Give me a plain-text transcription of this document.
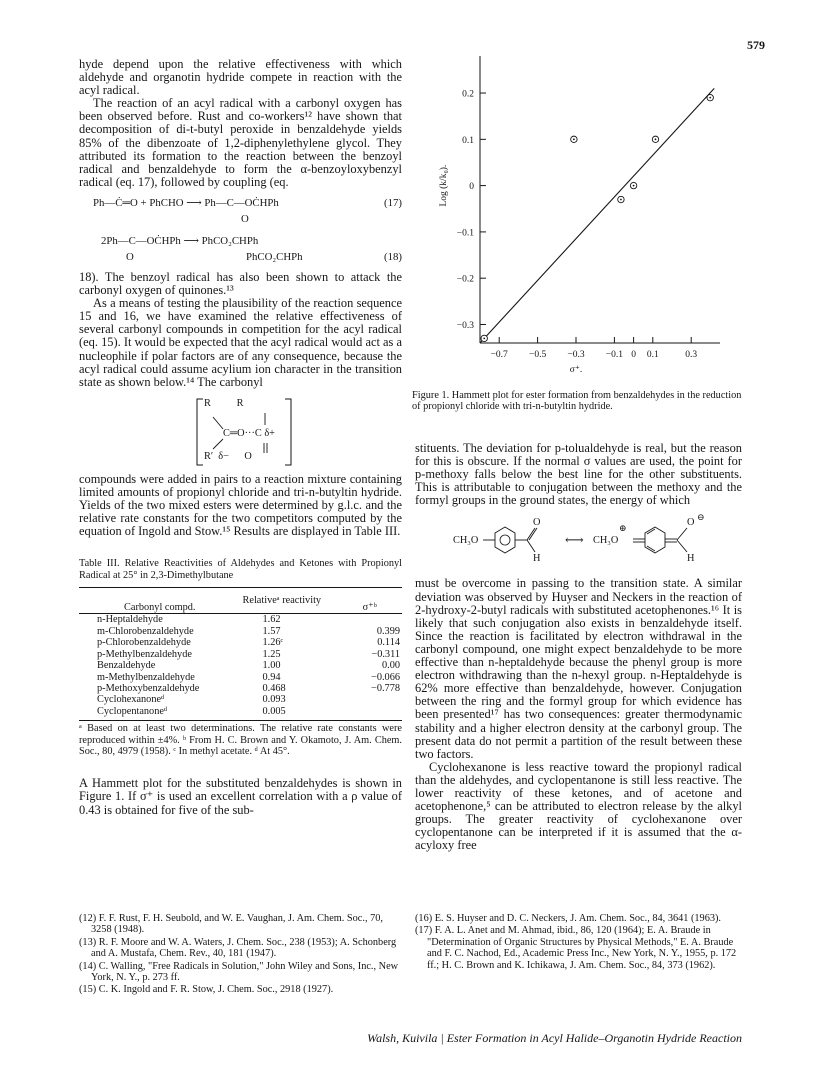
579

hyde depend upon the relative effectiveness with which aldehyde and organotin hydride compete in reaction with the acyl radical.

The reaction of an acyl radical with a carbonyl oxygen has been observed before. Rust and co-workers¹² have shown that decomposition of di-t-butyl peroxide in benzaldehyde yields 85% of the dibenzoate of 1,2-diphenylethylene glycol. They attributed its formation to the reaction between the benzoyl radical and benzaldehyde to form the α-benzoyloxybenzyl radical (eq. 17), followed by coupling (eq.

Ph—Ċ═O + PhCHO ⟶ Ph—C—OĊHPh	(17)
O
2Ph—C—OĊHPh ⟶ PhCO₂CHPh
O	PhCO₂CHPh	(18)

18). The benzoyl radical has also been shown to attack the carbonyl oxygen of quinones.¹³

As a means of testing the plausibility of the reaction sequence 15 and 16, we have examined the relative effectiveness of several carbonyl compounds in competition for the acyl radical (eq. 15). It would be expected that the acyl radical would act as a nucleophile if polar factors are of any consequence, because the acyl radical could assume acylium ion character in the transition state as shown below.¹⁴ The carbonyl

R          R
C═O···C δ+
R′  δ−      O

compounds were added in pairs to a reaction mixture containing limited amounts of propionyl chloride and tri-n-butyltin hydride. Yields of the two mixed esters were determined by g.l.c. and the relative rate constants for the two competitors computed by the equation of Ingold and Stow.¹⁵ Results are displayed in Table III.

Table III. Relative Reactivities of Aldehydes and Ketones with Propionyl Radical at 25° in 2,3-Dimethylbutane
Carbonyl compd.	Relativeᵃ reactivity	σ⁺ᵇ
n-Heptaldehyde	1.62	
m-Chlorobenzaldehyde	1.57	0.399
p-Chlorobenzaldehyde	1.26ᶜ	0.114
p-Methylbenzaldehyde	1.25	−0.311
Benzaldehyde	1.00	0.00
m-Methylbenzaldehyde	0.94	−0.066
p-Methoxybenzaldehyde	0.468	−0.778
Cyclohexanoneᵈ	0.093	
Cyclopentanoneᵈ	0.005	
ᵃ Based on at least two determinations. The relative rate constants were reproduced within ±4%. ᵇ From H. C. Brown and Y. Okamoto, J. Am. Chem. Soc., 80, 4979 (1958). ᶜ In methyl acetate. ᵈ At 45°.

A Hammett plot for the substituted benzaldehydes is shown in Figure 1. If σ⁺ is used an excellent correlation with a ρ value of 0.43 is obtained for five of the sub-

0.2
0.1
0
−0.1
−0.2
−0.3
−0.7 −0.5 −0.3 −0.1 0 0.1	0.3
σ⁺.
Log (k/k₀).
Figure 1. Hammett plot for ester formation from benzaldehydes in the reduction of propionyl chloride with tri-n-butyltin hydride.

stituents. The deviation for p-tolualdehyde is real, but the reason for this is obscure. If the normal σ values are used, the point for p-methoxy falls below the best line for the other substituents. This is attributable to conjugation between the methoxy and the formyl groups in the ground states, the energy of which

CH₃O
O
H
⟷ CH₃O
⊕	O ⊖
H

must be overcome in passing to the transition state. A similar deviation was observed by Huyser and Neckers in the reaction of 2-hydroxy-2-butyl radicals with substituted acetophenones.¹⁶ It is likely that such conjugation also exists in benzaldehyde itself. Since the reaction is facilitated by electron withdrawal in the carbonyl compound, one might expect benzaldehyde to be more effective than n-heptaldehyde because the phenyl group is more electron withdrawing than the n-hexyl group. n-Heptaldehyde is 62% more effective than benzaldehyde, however. Conjugation between the ring and the formyl group for which evidence has been presented¹⁷ has two consequences: greater thermodynamic stability and a higher electron density at the carbonyl group. The present data do not permit a partition of the result between these two factors.

Cyclohexanone is less reactive toward the propionyl radical than the aldehydes, and cyclopentanone is still less reactive. The lower reactivity of these ketones, and of acetone and acetophenone,⁵ can be attributed to electron release by the alkyl groups. The greater reactivity of cyclohexanone over cyclopentanone can be interpreted if it is assumed that the α-acyloxy free

(12) F. F. Rust, F. H. Seubold, and W. E. Vaughan, J. Am. Chem. Soc., 70, 3258 (1948).

(13) R. F. Moore and W. A. Waters, J. Chem. Soc., 238 (1953); A. Schonberg and A. Mustafa, Chem. Rev., 40, 181 (1947).

(14) C. Walling, "Free Radicals in Solution," John Wiley and Sons, Inc., New York, N. Y., p. 273 ff.

(15) C. K. Ingold and F. R. Stow, J. Chem. Soc., 2918 (1927).

(16) E. S. Huyser and D. C. Neckers, J. Am. Chem. Soc., 84, 3641 (1963).

(17) F. A. L. Anet and M. Ahmad, ibid., 86, 120 (1964); E. A. Braude in "Determination of Organic Structures by Physical Methods," E. A. Braude and F. C. Nachod, Ed., Academic Press Inc., New York, N. Y., 1955, p. 172 ff.; H. C. Brown and K. Ichikawa, J. Am. Chem. Soc., 84, 373 (1962).

Walsh, Kuivila | Ester Formation in Acyl Halide–Organotin Hydride Reaction
